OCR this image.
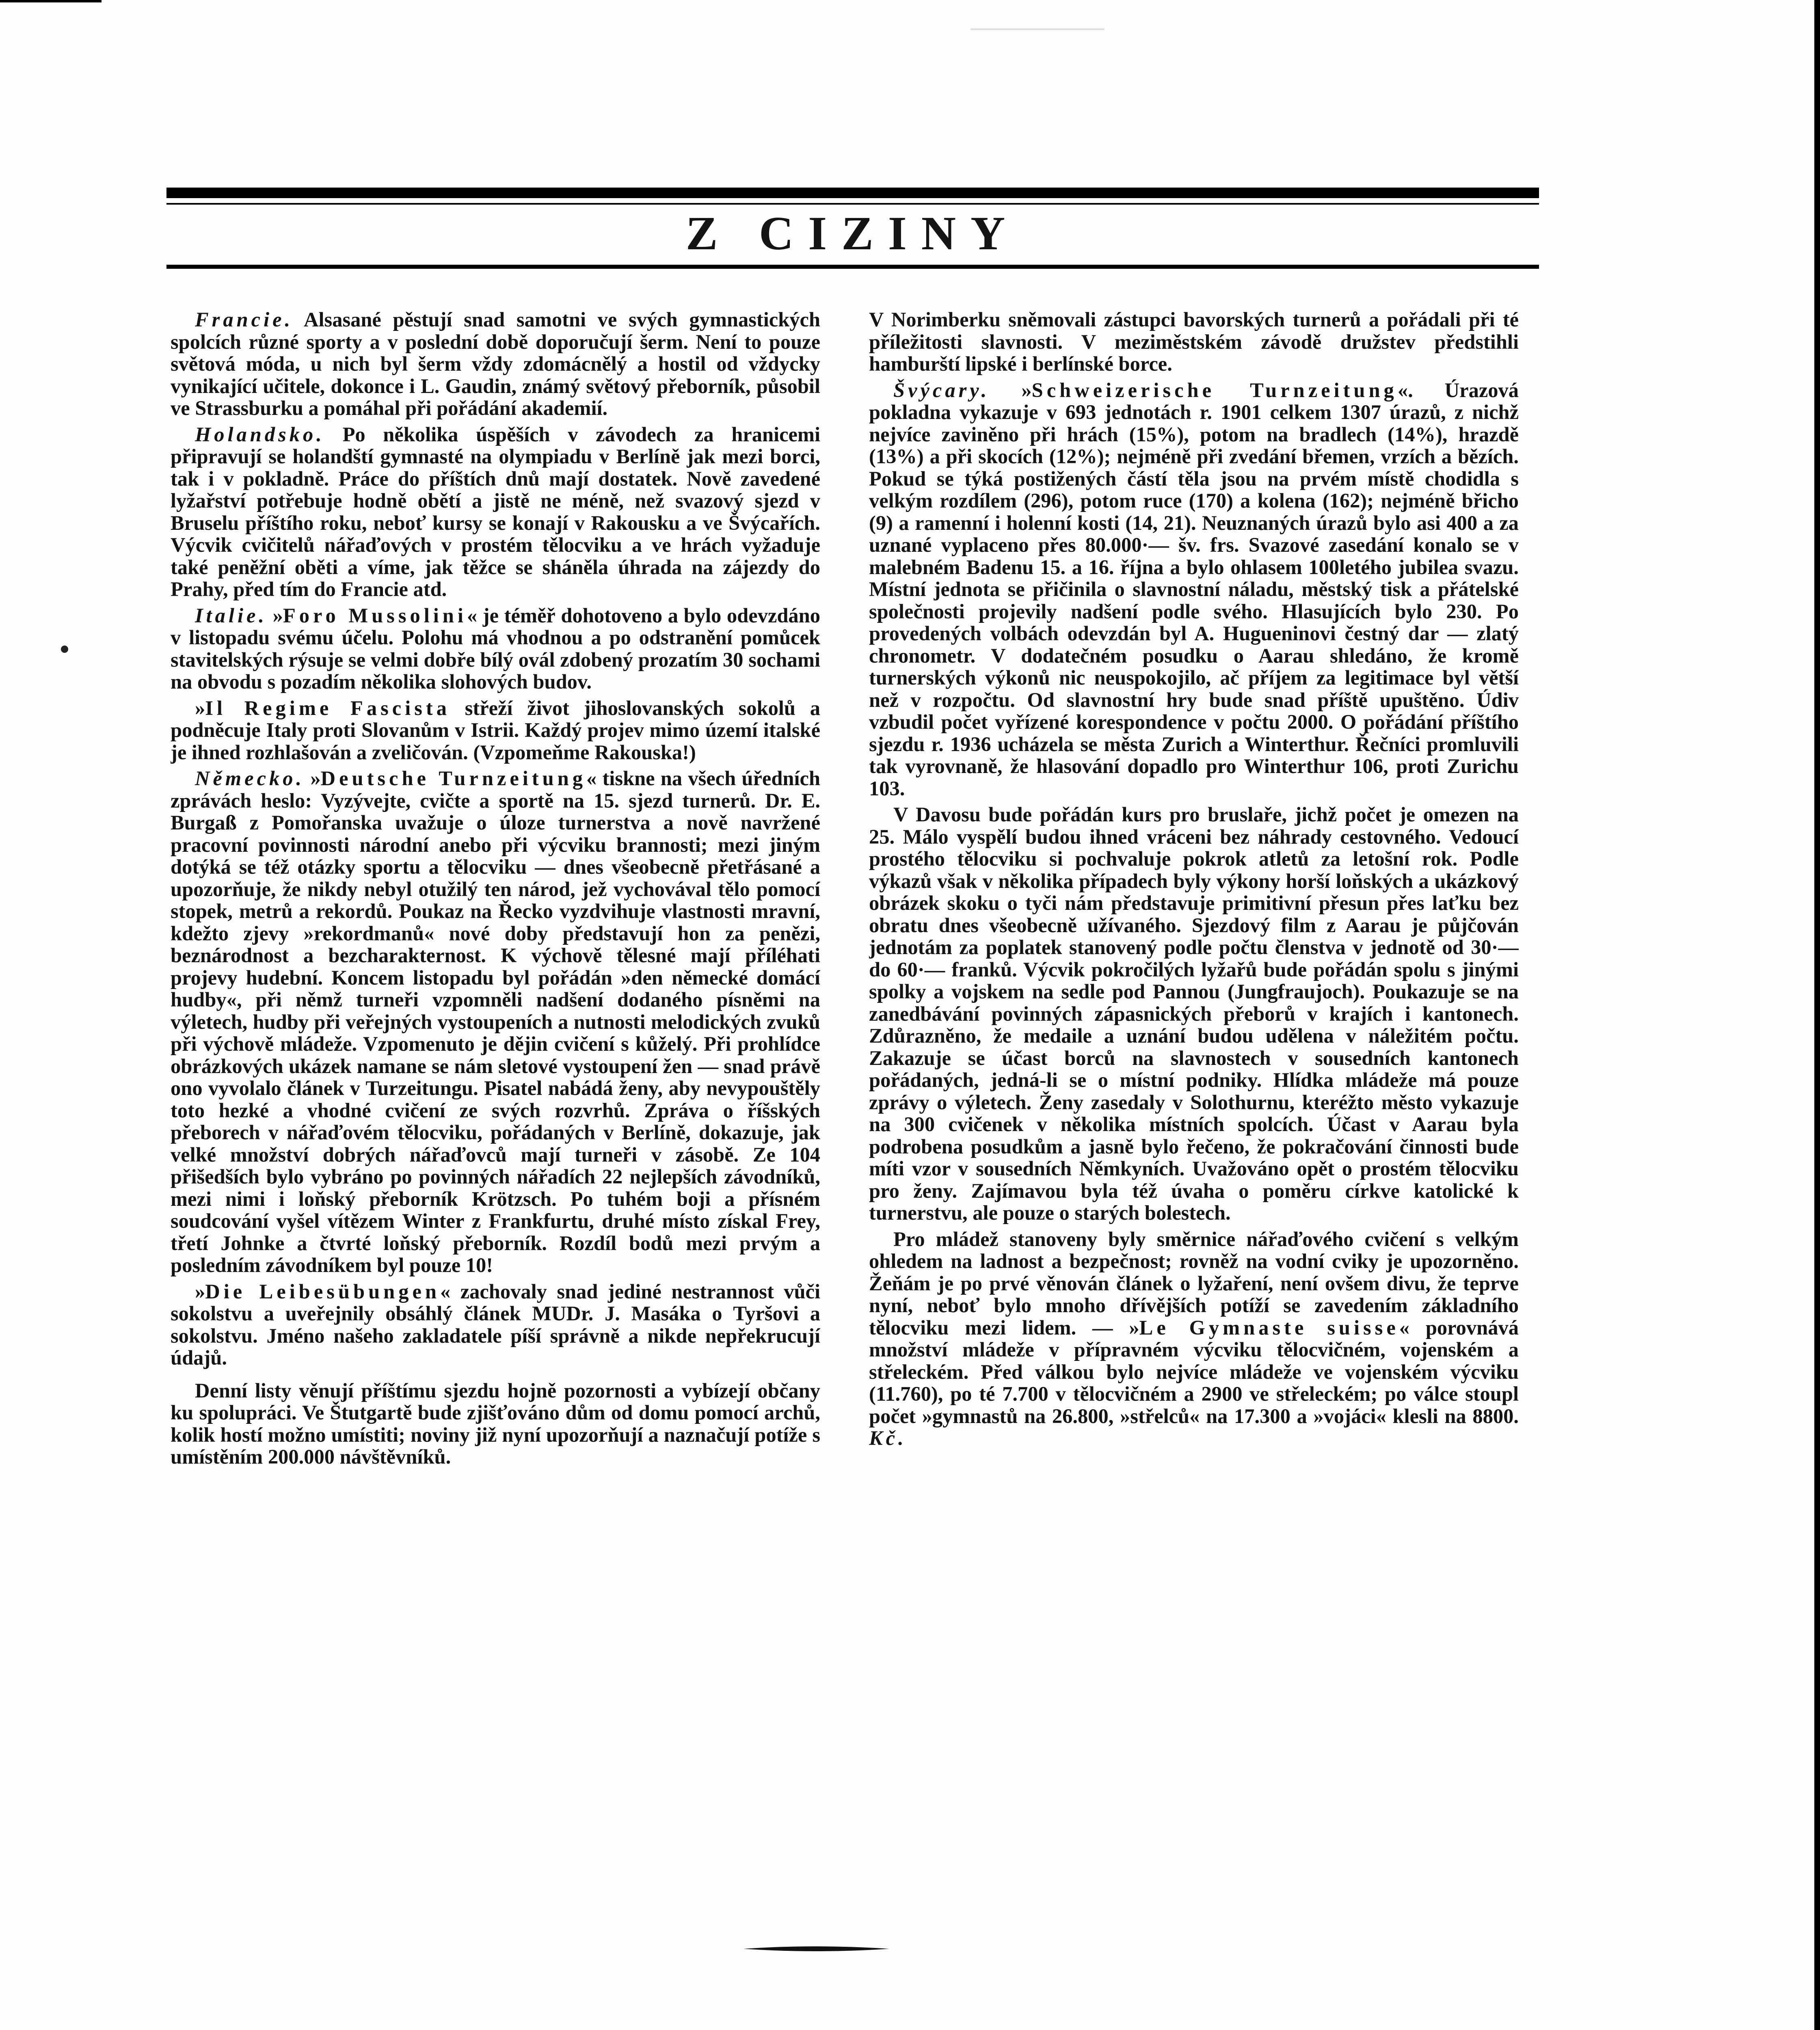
Z CIZINY

Francie. Alsasané pěstují snad samotni ve svých gymnastických spolcích různé sporty a v poslední době doporučují šerm. Není to pouze světová móda, u nich byl šerm vždy zdomácnělý a hostil od vždycky vynikající učitele, dokonce i L. Gaudin, známý světový přeborník, působil ve Strassburku a pomáhal při pořádání akademií.

Holandsko. Po několika úspěších v závodech za hranicemi připravují se holandští gymnasté na olympiadu v Berlíně jak mezi borci, tak i v pokladně. Práce do příštích dnů mají dostatek. Nově zavedené lyžařství potřebuje hodně obětí a jistě ne méně, než svazový sjezd v Bruselu příštího roku, neboť kursy se konají v Rakousku a ve Švýcařích. Výcvik cvičitelů nářaďových v prostém tělocviku a ve hrách vyžaduje také peněžní oběti a víme, jak těžce se sháněla úhrada na zájezdy do Prahy, před tím do Francie atd.

Italie. »Foro Mussolini« je téměř dohotoveno a bylo odevzdáno v listopadu svému účelu. Polohu má vhodnou a po odstranění pomůcek stavitelských rýsuje se velmi dobře bílý ovál zdobený prozatím 30 sochami na obvodu s pozadím několika slohových budov.

»Il Regime Fascista střeží život jihoslovanských sokolů a podněcuje Italy proti Slovanům v Istrii. Každý projev mimo území italské je ihned rozhlašován a zveličován. (Vzpomeňme Rakouska!)

Německo. »Deutsche Turnzeitung« tiskne na všech úředních zprávách heslo: Vyzývejte, cvičte a sportě na 15. sjezd turnerů. Dr. E. Burgaß z Pomořanska uvažuje o úloze turnerstva a nově navržené pracovní povinnosti národní anebo při výcviku brannosti; mezi jiným dotýká se též otázky sportu a tělocviku — dnes všeobecně přetřásané a upozorňuje, že nikdy nebyl otužilý ten národ, jež vychovával tělo pomocí stopek, metrů a rekordů. Poukaz na Řecko vyzdvihuje vlastnosti mravní, kdežto zjevy »rekordmanů« nové doby představují hon za penězi, beznárodnost a bezcharakternost. K výchově tělesné mají příléhati projevy hudební. Koncem listopadu byl pořádán »den německé domácí hudby«, při němž turneři vzpomněli nadšení dodaného písněmi na výletech, hudby při veřejných vystoupeních a nutnosti melodických zvuků při výchově mládeže. Vzpomenuto je dějin cvičení s kůželý. Při prohlídce obrázkových ukázek namane se nám sletové vystoupení žen — snad právě ono vyvolalo článek v Turzeitungu. Pisatel nabádá ženy, aby nevypouštěly toto hezké a vhodné cvičení ze svých rozvrhů. Zpráva o říšských přeborech v nářaďovém tělocviku, pořádaných v Berlíně, dokazuje, jak velké množství dobrých nářaďovců mají turneři v zásobě. Ze 104 přišedších bylo vybráno po povinných nářadích 22 nejlepších závodníků, mezi nimi i loňský přeborník Krötzsch. Po tuhém boji a přísném soudcování vyšel vítězem Winter z Frankfurtu, druhé místo získal Frey, třetí Johnke a čtvrté loňský přeborník. Rozdíl bodů mezi prvým a posledním závodníkem byl pouze 10!

»Die Leibesübungen« zachovaly snad jediné nestrannost vůči sokolstvu a uveřejnily obsáhlý článek MUDr. J. Masáka o Tyršovi a sokolstvu. Jméno našeho zakladatele píší správně a nikde nepřekrucují údajů.

Denní listy věnují příštímu sjezdu hojně pozornosti a vybízejí občany ku spolupráci. Ve Štutgartě bude zjišťováno dům od domu pomocí archů, kolik hostí možno umístiti; noviny již nyní upozorňují a naznačují potíže s umístěním 200.000 návštěvníků.

V Norimberku sněmovali zástupci bavorských turnerů a pořádali při té příležitosti slavnosti. V meziměstském závodě družstev předstihli hamburští lipské i berlínské borce.

Švýcary. »Schweizerische Turnzeitung«. Úrazová pokladna vykazuje v 693 jednotách r. 1901 celkem 1307 úrazů, z nichž nejvíce zaviněno při hrách (15%), potom na bradlech (14%), hrazdě (13%) a při skocích (12%); nejméně při zvedání břemen, vrzích a bězích. Pokud se týká postižených částí těla jsou na prvém místě chodidla s velkým rozdílem (296), potom ruce (170) a kolena (162); nejméně břicho (9) a ramenní i holenní kosti (14, 21). Neuznaných úrazů bylo asi 400 a za uznané vyplaceno přes 80.000·— šv. frs. Svazové zasedání konalo se v malebném Badenu 15. a 16. října a bylo ohlasem 100letého jubilea svazu. Místní jednota se přičinila o slavnostní náladu, městský tisk a přátelské společnosti projevily nadšení podle svého. Hlasujících bylo 230. Po provedených volbách odevzdán byl A. Hugueninovi čestný dar — zlatý chronometr. V dodatečném posudku o Aarau shledáno, že kromě turnerských výkonů nic neuspokojilo, ač příjem za legitimace byl větší než v rozpočtu. Od slavnostní hry bude snad příště upuštěno. Údiv vzbudil počet vyřízené korespondence v počtu 2000. O pořádání příštího sjezdu r. 1936 ucházela se města Zurich a Winterthur. Řečníci promluvili tak vyrovnaně, že hlasování dopadlo pro Winterthur 106, proti Zurichu 103.

V Davosu bude pořádán kurs pro bruslaře, jichž počet je omezen na 25. Málo vyspělí budou ihned vráceni bez náhrady cestovného. Vedoucí prostého tělocviku si pochvaluje pokrok atletů za letošní rok. Podle výkazů však v několika případech byly výkony horší loňských a ukázkový obrázek skoku o tyči nám představuje primitivní přesun přes laťku bez obratu dnes všeobecně užívaného. Sjezdový film z Aarau je půjčován jednotám za poplatek stanovený podle počtu členstva v jednotě od 30·— do 60·— franků. Výcvik pokročilých lyžařů bude pořádán spolu s jinými spolky a vojskem na sedle pod Pannou (Jungfraujoch). Poukazuje se na zanedbávání povinných zápasnických přeborů v krajích i kantonech. Zdůrazněno, že medaile a uznání budou udělena v náležitém počtu. Zakazuje se účast borců na slavnostech v sousedních kantonech pořádaných, jedná-li se o místní podniky. Hlídka mládeže má pouze zprávy o výletech. Ženy zasedaly v Solothurnu, kteréžto město vykazuje na 300 cvičenek v několika místních spolcích. Účast v Aarau byla podrobena posudkům a jasně bylo řečeno, že pokračování činnosti bude míti vzor v sousedních Němkyních. Uvažováno opět o prostém tělocviku pro ženy. Zajímavou byla též úvaha o poměru církve katolické k turnerstvu, ale pouze o starých bolestech.

Pro mládež stanoveny byly směrnice nářaďového cvičení s velkým ohledem na ladnost a bezpečnost; rovněž na vodní cviky je upozorněno. Žeňám je po prvé věnován článek o lyžaření, není ovšem divu, že teprve nyní, neboť bylo mnoho dřívějších potíží se zavedením základního tělocviku mezi lidem. — »Le Gymnaste suisse« porovnává množství mládeže v přípravném výcviku tělocvičném, vojenském a střeleckém. Před válkou bylo nejvíce mládeže ve vojenském výcviku (11.760), po té 7.700 v tělocvičném a 2900 ve střeleckém; po válce stoupl počet »gymnastů na 26.800, »střelců« na 17.300 a »vojáci« klesli na 8800. Kč.
